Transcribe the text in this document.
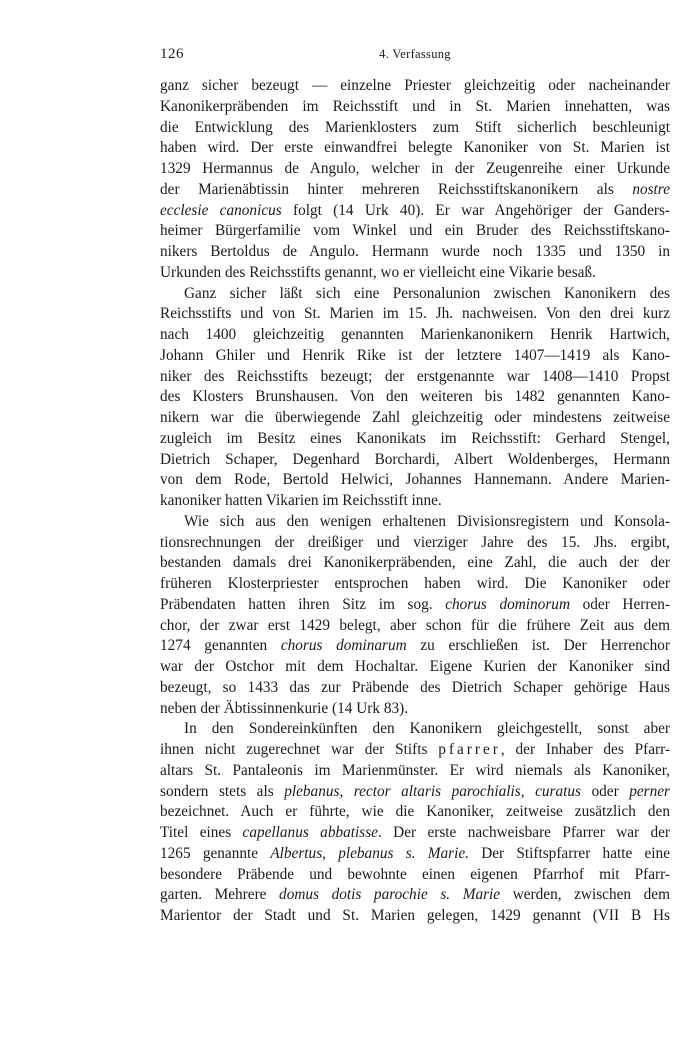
126	4. Verfassung
ganz sicher bezeugt — einzelne Priester gleichzeitig oder nacheinander
Kanonikerpräbenden im Reichsstift und in St. Marien innehatten, was
die Entwicklung des Marienklosters zum Stift sicherlich beschleunigt
haben wird. Der erste einwandfrei belegte Kanoniker von St. Marien ist
1329 Hermannus de Angulo, welcher in der Zeugenreihe einer Urkunde
der Marienäbtissin hinter mehreren Reichsstiftskanonikern als nostre
ecclesie canonicus folgt (14 Urk 40). Er war Angehöriger der Ganders-
heimer Bürgerfamilie vom Winkel und ein Bruder des Reichsstiftskano-
nikers Bertoldus de Angulo. Hermann wurde noch 1335 und 1350 in
Urkunden des Reichsstifts genannt, wo er vielleicht eine Vikarie besaß.
Ganz sicher läßt sich eine Personalunion zwischen Kanonikern des
Reichsstifts und von St. Marien im 15. Jh. nachweisen. Von den drei kurz
nach 1400 gleichzeitig genannten Marienkanonikern Henrik Hartwich,
Johann Ghiler und Henrik Rike ist der letztere 1407—1419 als Kano-
niker des Reichsstifts bezeugt; der erstgenannte war 1408—1410 Propst
des Klosters Brunshausen. Von den weiteren bis 1482 genannten Kano-
nikern war die überwiegende Zahl gleichzeitig oder mindestens zeitweise
zugleich im Besitz eines Kanonikats im Reichsstift: Gerhard Stengel,
Dietrich Schaper, Degenhard Borchardi, Albert Woldenberges, Hermann
von dem Rode, Bertold Helwici, Johannes Hannemann. Andere Marien-
kanoniker hatten Vikarien im Reichsstift inne.
Wie sich aus den wenigen erhaltenen Divisionsregistern und Konsola-
tionsrechnungen der dreißiger und vierziger Jahre des 15. Jhs. ergibt,
bestanden damals drei Kanonikerpräbenden, eine Zahl, die auch der der
früheren Klosterpriester entsprochen haben wird. Die Kanoniker oder
Präbendaten hatten ihren Sitz im sog. chorus dominorum oder Herren-
chor, der zwar erst 1429 belegt, aber schon für die frühere Zeit aus dem
1274 genannten chorus dominarum zu erschließen ist. Der Herrenchor
war der Ostchor mit dem Hochaltar. Eigene Kurien der Kanoniker sind
bezeugt, so 1433 das zur Präbende des Dietrich Schaper gehörige Haus
neben der Äbtissinnenkurie (14 Urk 83).
In den Sondereinkünften den Kanonikern gleichgestellt, sonst aber
ihnen nicht zugerechnet war der Stifts pfarrer, der Inhaber des Pfarr-
altars St. Pantaleonis im Marienmünster. Er wird niemals als Kanoniker,
sondern stets als plebanus, rector altaris parochialis, curatus oder perner
bezeichnet. Auch er führte, wie die Kanoniker, zeitweise zusätzlich den
Titel eines capellanus abbatisse. Der erste nachweisbare Pfarrer war der
1265 genannte Albertus, plebanus s. Marie. Der Stiftspfarrer hatte eine
besondere Präbende und bewohnte einen eigenen Pfarrhof mit Pfarr-
garten. Mehrere domus dotis parochie s. Marie werden, zwischen dem
Marientor der Stadt und St. Marien gelegen, 1429 genannt (VII B Hs
